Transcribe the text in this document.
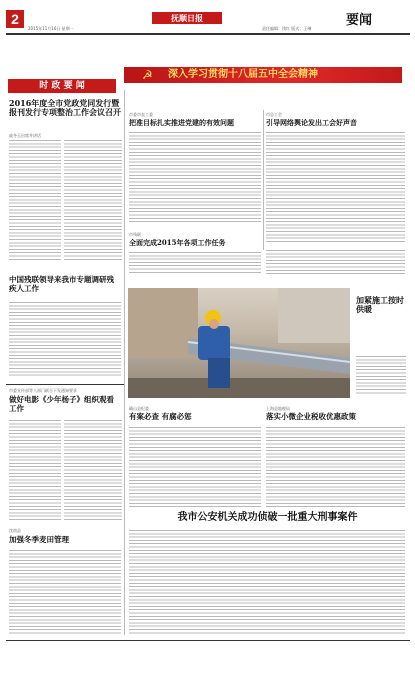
2	抚顺日报
2015年11月16日 星期一	责任编辑：钱红 版式：王琳
要闻
时 政 要 闻
☭ 深入学习贯彻十八届五中全会精神
2016年度全市党政党同发行暨报刊发行专项整治工作会议召开
戚冬玉出席并讲话
市委市直工委
把准目标扎实推进党建的有效问题
市总工会
引导网络舆论发出工会好声音
市残联
全面完成2015年各项工作任务
中国残联领导来我市专题调研残疾人工作
加紧施工按时供暖
市委宣传部等八部门联合下发通知要求
做好电影《少年杨子》组织观看工作	确山县纪委
有案必查 有腐必惩
上海县地税局
落实小微企业税收优惠政策
我市公安机关成功侦破一批重大刑事案件
沈南县
加强冬季麦田管理
